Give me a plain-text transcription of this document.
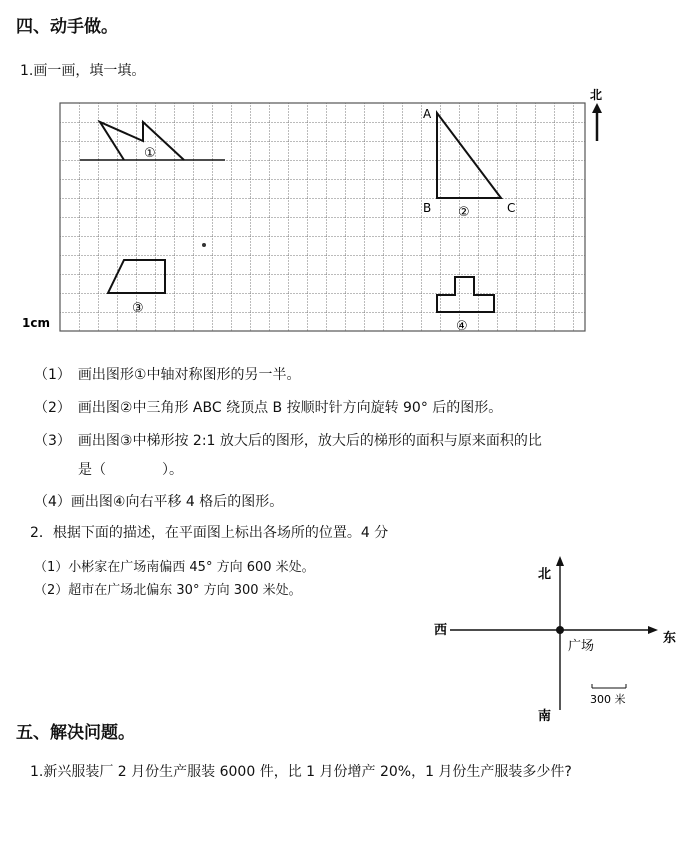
四、动手做。
1.画一画，填一填。
①
A
B	C
②
北
③
④
1cm
（1）　画出图形①中轴对称图形的另一半。
（2）　画出图②中三角形 ABC 绕顶点 B 按顺时针方向旋转 90° 后的图形。
（3）　画出图③中梯形按 2:1 放大后的图形，放大后的梯形的面积与原来面积的比
是（　　　　）。
（4）画出图④向右平移 4 格后的图形。
2．根据下面的描述，在平面图上标出各场所的位置。4 分
（1）小彬家在广场南偏西 45° 方向 600 米处。
（2）超市在广场北偏东 30° 方向 300 米处。
北
南
西
东
广场
300 米
五、解决问题。
1.新兴服装厂 2 月份生产服装 6000 件，比 1 月份增产 20%，1 月份生产服装多少件?
